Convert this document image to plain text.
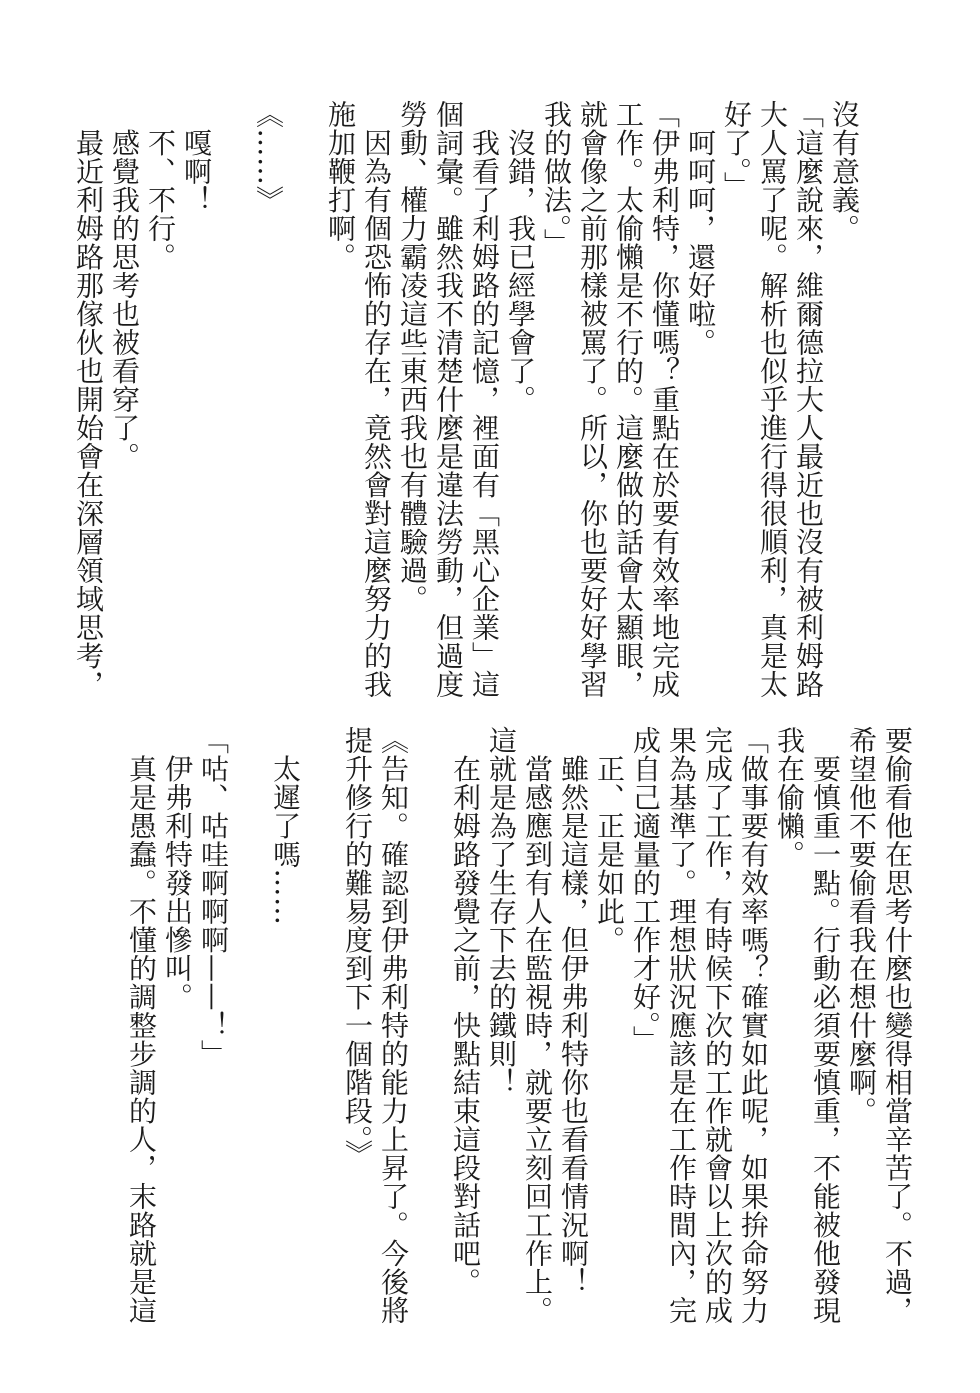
沒有意義。
「這麼說來，維爾德拉大人最近也沒有被利姆路
大人罵了呢。解析也似乎進行得很順利，真是太
好了。」
　呵呵呵，還好啦。
「伊弗利特，你懂嗎？重點在於要有效率地完成
工作。太偷懶是不行的。這麼做的話會太顯眼，
就會像之前那樣被罵了。所以，你也要好好學習
我的做法。」
　沒錯，我已經學會了。
　我看了利姆路的記憶，裡面有「黑心企業」這
個詞彙。雖然我不清楚什麼是違法勞動，但過度
勞動、權力霸凌這些東西我也有體驗過。
　因為有個恐怖的存在，竟然會對這麼努力的我
施加鞭打啊。
《……》
　嘎啊！
　不、不行。
　感覺我的思考也被看穿了。
　最近利姆路那傢伙也開始會在深層領域思考，
要偷看他在思考什麼也變得相當辛苦了。不過，
希望他不要偷看我在想什麼啊。
　要慎重一點。行動必須要慎重，不能被他發現
我在偷懶。
「做事要有效率嗎？確實如此呢，如果拚命努力
完成了工作，有時候下次的工作就會以上次的成
果為基準了。理想狀況應該是在工作時間內，完
成自己適量的工作才好。」
　正、正是如此。
　雖然是這樣，但伊弗利特你也看看情況啊！
　當感應到有人在監視時，就要立刻回工作上。
這就是為了生存下去的鐵則！
　在利姆路發覺之前，快點結束這段對話吧。
《告知。確認到伊弗利特的能力上昇了。今後將
提升修行的難易度到下一個階段。》
　太遲了嗎……
「咕、咕哇啊啊啊——！」
　伊弗利特發出慘叫。
　真是愚蠢。不懂的調整步調的人，末路就是這
